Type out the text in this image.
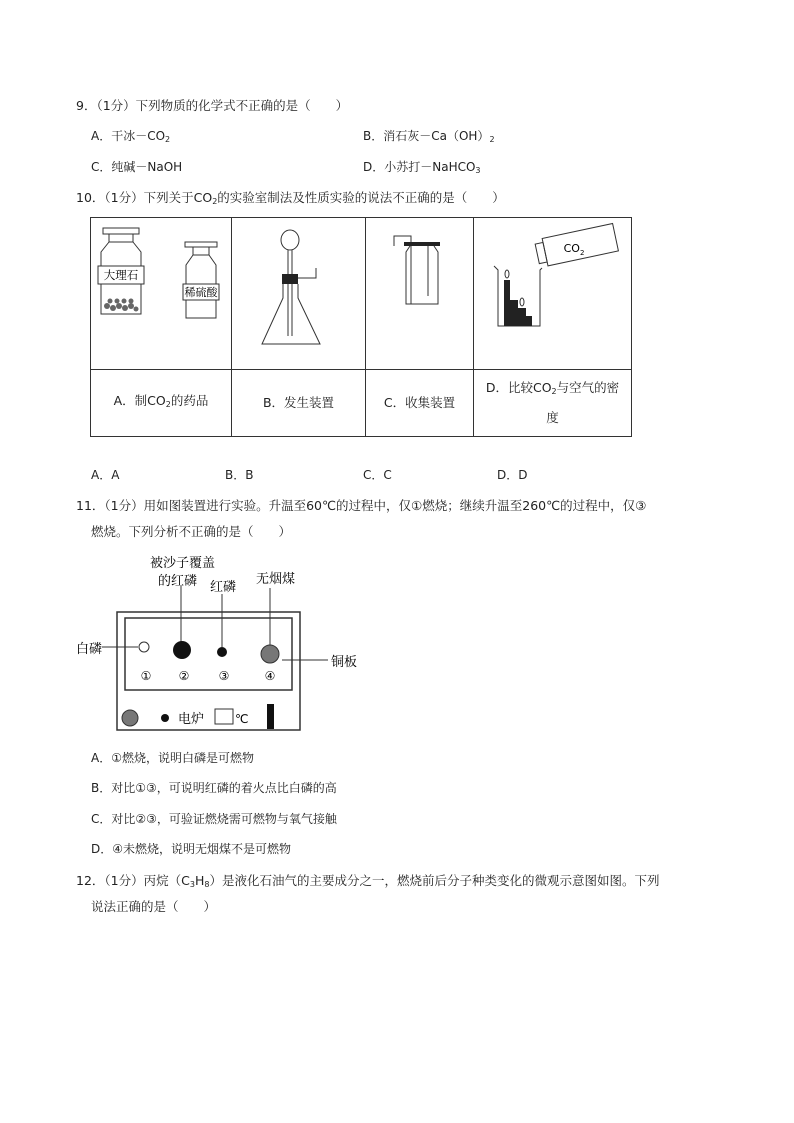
9．（1分）下列物质的化学式不正确的是（　　）
A．干冰$-CO_2$	B．消石灰$-Ca(OH)_2$
C．纯碱－NaOH	D．小苏打－NaHCO$_3$
10．（1分）下列关于$CO_2$的实验室制法及性质实验的说法不正确的是（　　）
大理石
稀硫酸			$CO_2$

A．制$CO_2$的药品	B．发生装置	C．收集装置	D．比较$CO_2$与空气的密
度
A．A	B．B	C．C	D．D
11．（1分）用如图装置进行实验。升温至60℃的过程中，仅①燃烧；继续升温至260℃的过程中，仅③
燃烧。下列分析不正确的是（　　）
被沙子覆盖
的红磷 红磷
无烟煤
白磷
铜板
① ② ③	④
电炉	℃
A．①燃烧，说明白磷是可燃物
B．对比①③，可说明红磷的着火点比白磷的高
C．对比②③，可验证燃烧需可燃物与氧气接触
D．④未燃烧，说明无烟煤不是可燃物
12．（1分）丙烷$(C_3H_8)$是液化石油气的主要成分之一，燃烧前后分子种类变化的微观示意图如图。下列
说法正确的是（　　）
